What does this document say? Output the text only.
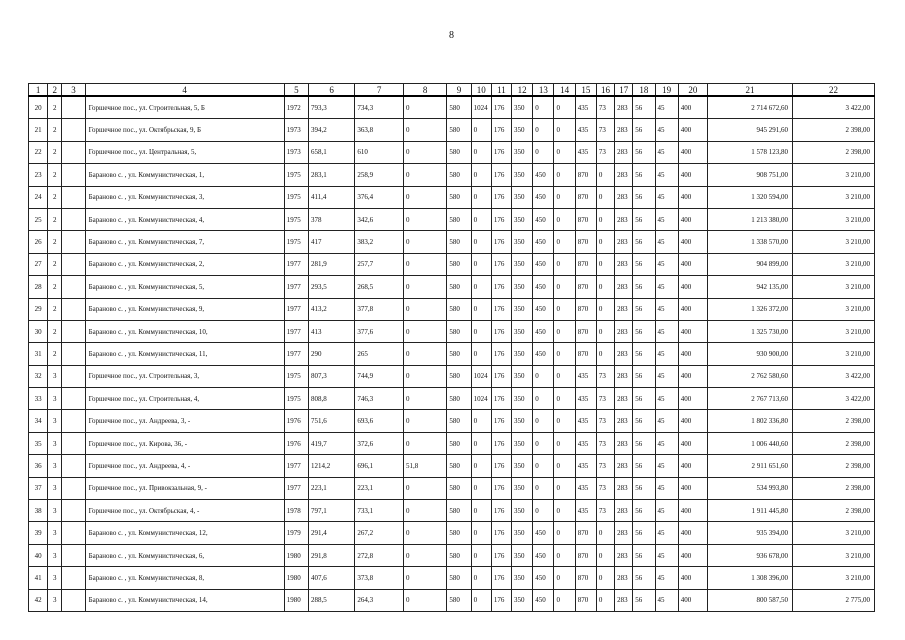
8
1	2	3	4	5	6	7	8	9	10	11	12	13	14	15	16	17	18	19	20	21	22
20	2		Горшечное пос., ул. Строительная, 5, Б	1972	793,3	734,3	0	580	1024	176	350	0	0	435	73	283	56	45	400	2 714 672,60	3 422,00
21	2		Горшечное пос., ул. Октябрьская, 9, Б	1973	394,2	363,8	0	580	0	176	350	0	0	435	73	283	56	45	400	945 291,60	2 398,00
22	2		Горшечное пос., ул. Центральная, 5,	1973	658,1	610	0	580	0	176	350	0	0	435	73	283	56	45	400	1 578 123,80	2 398,00
23	2		Бараново с. , ул. Коммунистическая, 1,	1975	283,1	258,9	0	580	0	176	350	450	0	870	0	283	56	45	400	908 751,00	3 210,00
24	2		Бараново с. , ул. Коммунистическая, 3,	1975	411,4	376,4	0	580	0	176	350	450	0	870	0	283	56	45	400	1 320 594,00	3 210,00
25	2		Бараново с. , ул. Коммунистическая, 4,	1975	378	342,6	0	580	0	176	350	450	0	870	0	283	56	45	400	1 213 380,00	3 210,00
26	2		Бараново с. , ул. Коммунистическая, 7,	1975	417	383,2	0	580	0	176	350	450	0	870	0	283	56	45	400	1 338 570,00	3 210,00
27	2		Бараново с. , ул. Коммунистическая, 2,	1977	281,9	257,7	0	580	0	176	350	450	0	870	0	283	56	45	400	904 899,00	3 210,00
28	2		Бараново с. , ул. Коммунистическая, 5,	1977	293,5	268,5	0	580	0	176	350	450	0	870	0	283	56	45	400	942 135,00	3 210,00
29	2		Бараново с. , ул. Коммунистическая, 9,	1977	413,2	377,8	0	580	0	176	350	450	0	870	0	283	56	45	400	1 326 372,00	3 210,00
30	2		Бараново с. , ул. Коммунистическая, 10,	1977	413	377,6	0	580	0	176	350	450	0	870	0	283	56	45	400	1 325 730,00	3 210,00
31	2		Бараново с. , ул. Коммунистическая, 11,	1977	290	265	0	580	0	176	350	450	0	870	0	283	56	45	400	930 900,00	3 210,00
32	3		Горшечное пос., ул. Строительная, 3,	1975	807,3	744,9	0	580	1024	176	350	0	0	435	73	283	56	45	400	2 762 580,60	3 422,00
33	3		Горшечное пос., ул. Строительная, 4,	1975	808,8	746,3	0	580	1024	176	350	0	0	435	73	283	56	45	400	2 767 713,60	3 422,00
34	3		Горшечное пос., ул. Андреева, 3, -	1976	751,6	693,6	0	580	0	176	350	0	0	435	73	283	56	45	400	1 802 336,80	2 398,00
35	3		Горшечное пос., ул. Кирова, 36, -	1976	419,7	372,6	0	580	0	176	350	0	0	435	73	283	56	45	400	1 006 440,60	2 398,00
36	3		Горшечное пос., ул. Андреева, 4, -	1977	1214,2	696,1	51,8	580	0	176	350	0	0	435	73	283	56	45	400	2 911 651,60	2 398,00
37	3		Горшечное пос., ул. Привокзальная, 9, -	1977	223,1	223,1	0	580	0	176	350	0	0	435	73	283	56	45	400	534 993,80	2 398,00
38	3		Горшечное пос., ул. Октябрьская, 4, -	1978	797,1	733,1	0	580	0	176	350	0	0	435	73	283	56	45	400	1 911 445,80	2 398,00
39	3		Бараново с. , ул. Коммунистическая, 12,	1979	291,4	267,2	0	580	0	176	350	450	0	870	0	283	56	45	400	935 394,00	3 210,00
40	3		Бараново с. , ул. Коммунистическая, 6,	1980	291,8	272,8	0	580	0	176	350	450	0	870	0	283	56	45	400	936 678,00	3 210,00
41	3		Бараново с. , ул. Коммунистическая, 8,	1980	407,6	373,8	0	580	0	176	350	450	0	870	0	283	56	45	400	1 308 396,00	3 210,00
42	3		Бараново с. , ул. Коммунистическая, 14,	1980	288,5	264,3	0	580	0	176	350	450	0	870	0	283	56	45	400	800 587,50	2 775,00
